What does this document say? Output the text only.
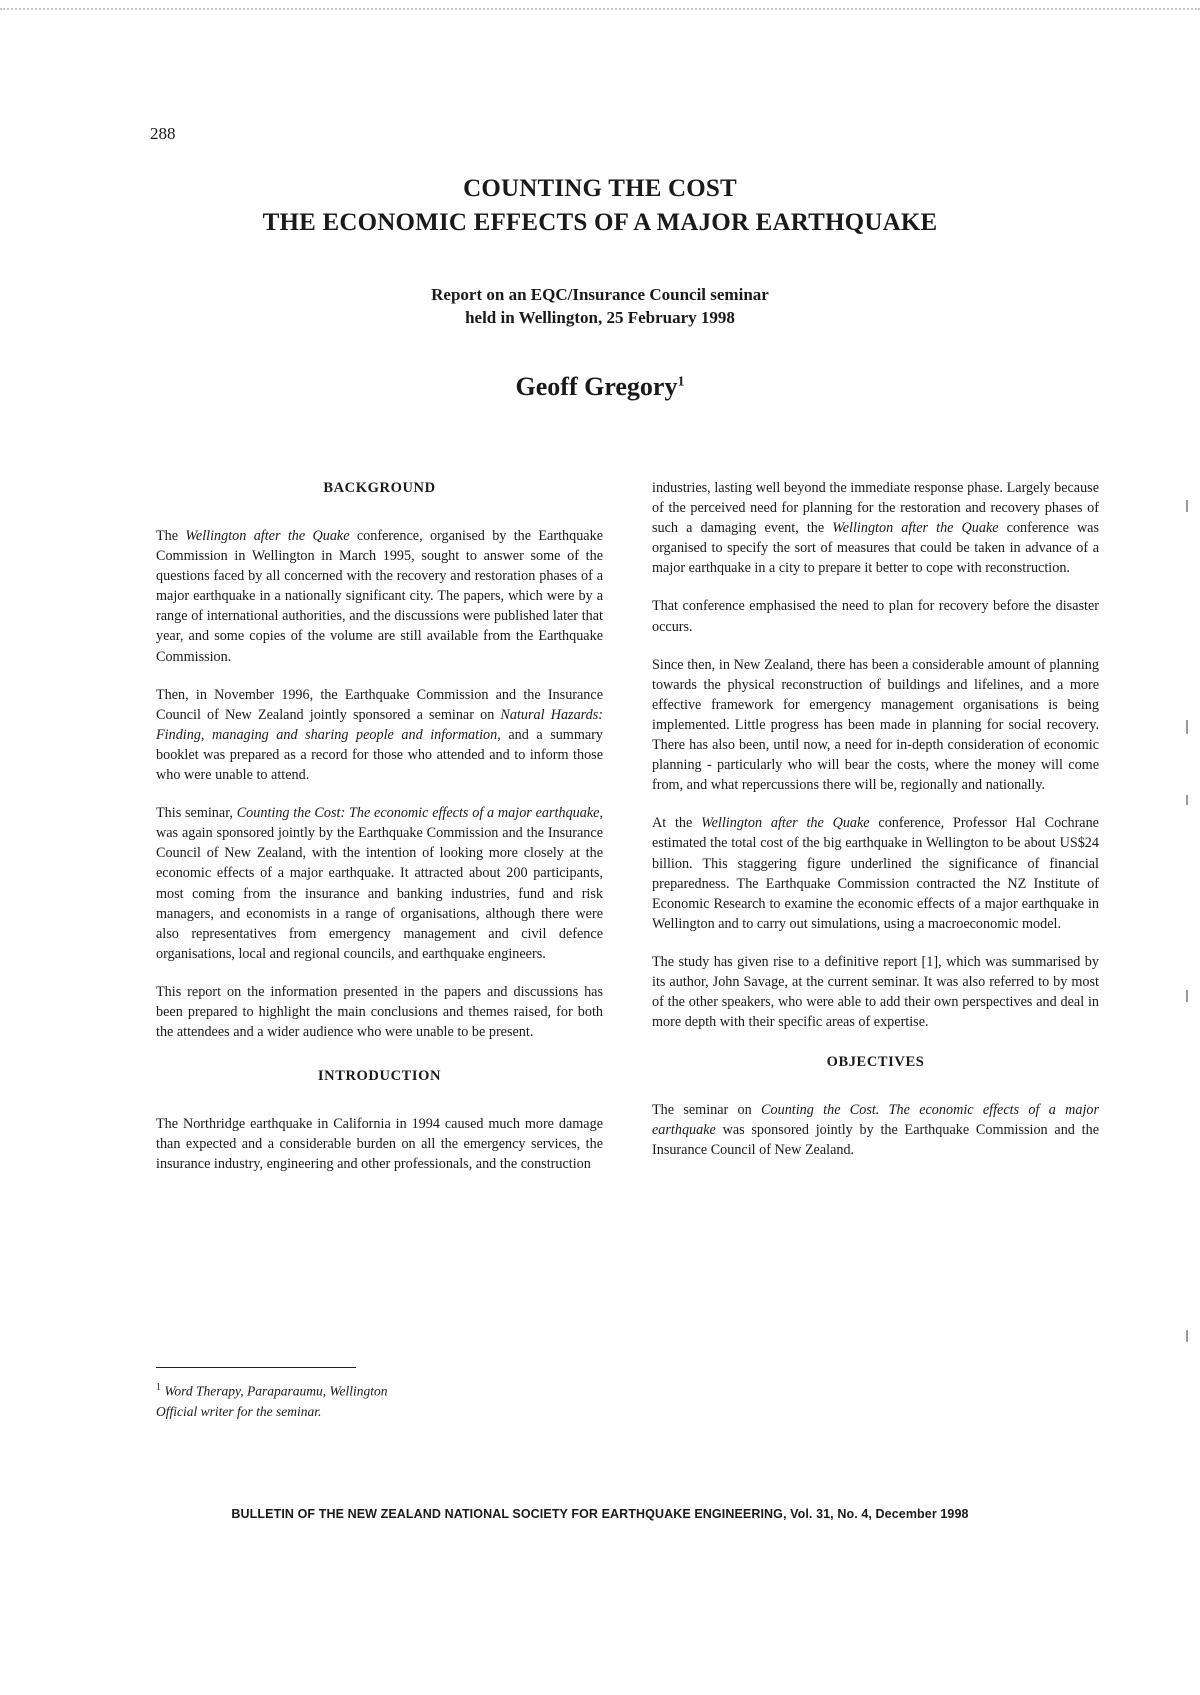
288
COUNTING THE COST
THE ECONOMIC EFFECTS OF A MAJOR EARTHQUAKE
Report on an EQC/Insurance Council seminar
held in Wellington, 25 February 1998
Geoff Gregory$^1$
BACKGROUND

The Wellington after the Quake conference, organised by the Earthquake Commission in Wellington in March 1995, sought to answer some of the questions faced by all concerned with the recovery and restoration phases of a major earthquake in a nationally significant city. The papers, which were by a range of international authorities, and the discussions were published later that year, and some copies of the volume are still available from the Earthquake Commission.

Then, in November 1996, the Earthquake Commission and the Insurance Council of New Zealand jointly sponsored a seminar on Natural Hazards: Finding, managing and sharing people and information, and a summary booklet was prepared as a record for those who attended and to inform those who were unable to attend.

This seminar, Counting the Cost: The economic effects of a major earthquake, was again sponsored jointly by the Earthquake Commission and the Insurance Council of New Zealand, with the intention of looking more closely at the economic effects of a major earthquake. It attracted about 200 participants, most coming from the insurance and banking industries, fund and risk managers, and economists in a range of organisations, although there were also representatives from emergency management and civil defence organisations, local and regional councils, and earthquake engineers.

This report on the information presented in the papers and discussions has been prepared to highlight the main conclusions and themes raised, for both the attendees and a wider audience who were unable to be present.

INTRODUCTION

The Northridge earthquake in California in 1994 caused much more damage than expected and a considerable burden on all the emergency services, the insurance industry, engineering and other professionals, and the construction

industries, lasting well beyond the immediate response phase. Largely because of the perceived need for planning for the restoration and recovery phases of such a damaging event, the Wellington after the Quake conference was organised to specify the sort of measures that could be taken in advance of a major earthquake in a city to prepare it better to cope with reconstruction.

That conference emphasised the need to plan for recovery before the disaster occurs.

Since then, in New Zealand, there has been a considerable amount of planning towards the physical reconstruction of buildings and lifelines, and a more effective framework for emergency management organisations is being implemented. Little progress has been made in planning for social recovery. There has also been, until now, a need for in-depth consideration of economic planning - particularly who will bear the costs, where the money will come from, and what repercussions there will be, regionally and nationally.

At the Wellington after the Quake conference, Professor Hal Cochrane estimated the total cost of the big earthquake in Wellington to be about US$24 billion. This staggering figure underlined the significance of financial preparedness. The Earthquake Commission contracted the NZ Institute of Economic Research to examine the economic effects of a major earthquake in Wellington and to carry out simulations, using a macroeconomic model.

The study has given rise to a definitive report [1], which was summarised by its author, John Savage, at the current seminar. It was also referred to by most of the other speakers, who were able to add their own perspectives and deal in more depth with their specific areas of expertise.

OBJECTIVES

The seminar on Counting the Cost. The economic effects of a major earthquake was sponsored jointly by the Earthquake Commission and the Insurance Council of New Zealand.

$^1$ Word Therapy, Paraparaumu, Wellington
Official writer for the seminar.
BULLETIN OF THE NEW ZEALAND NATIONAL SOCIETY FOR EARTHQUAKE ENGINEERING, Vol. 31, No. 4, December 1998
